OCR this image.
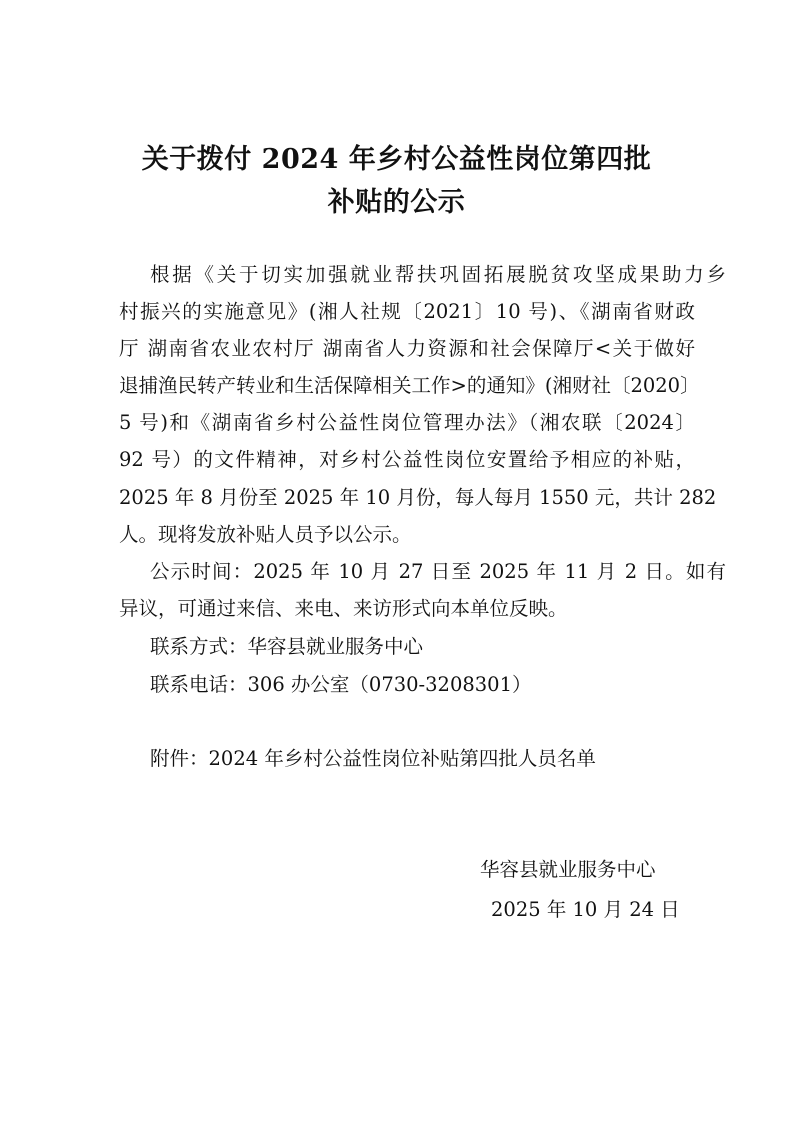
关于拨付 2024 年乡村公益性岗位第四批
补贴的公示
根据《关于切实加强就业帮扶巩固拓展脱贫攻坚成果助力乡
村振兴的实施意见》(湘人社规〔2021〕10 号)、《湖南省财政
厅 湖南省农业农村厅 湖南省人力资源和社会保障厅<关于做好
退捕渔民转产转业和生活保障相关工作>的通知》(湘财社〔2020〕
5 号)和《湖南省乡村公益性岗位管理办法》（湘农联〔2024〕
92 号）的文件精神，对乡村公益性岗位安置给予相应的补贴，
2025 年 8 月份至 2025 年 10 月份，每人每月 1550 元，共计 282
人。现将发放补贴人员予以公示。
公示时间：2025 年 10 月 27 日至 2025 年 11 月 2 日。如有
异议，可通过来信、来电、来访形式向本单位反映。
联系方式：华容县就业服务中心
联系电话：306 办公室（0730-3208301）
附件：2024 年乡村公益性岗位补贴第四批人员名单
华容县就业服务中心
2025 年 10 月 24 日
